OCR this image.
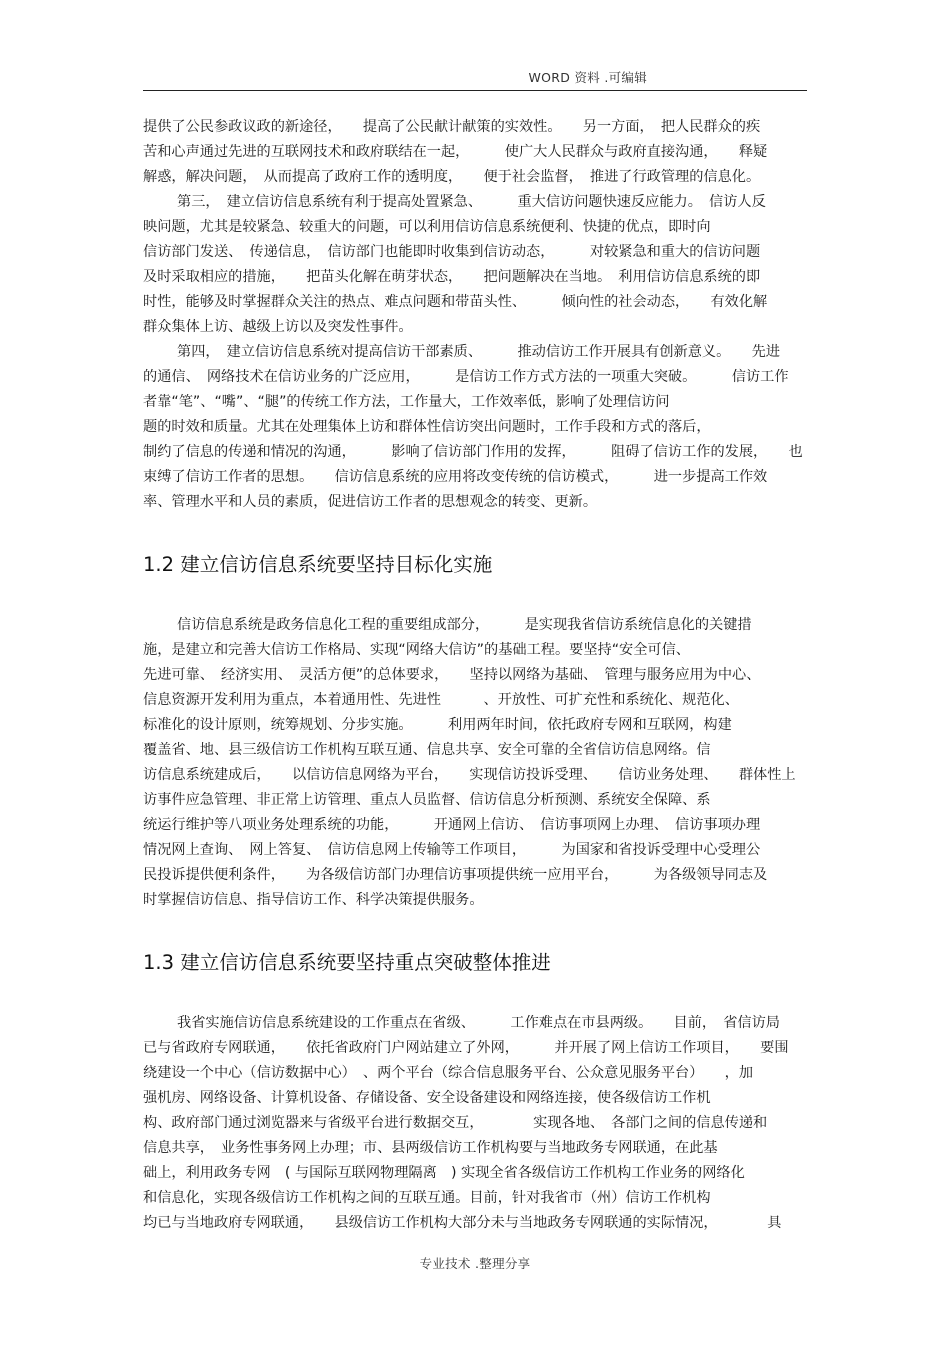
WORD 资料 .可编辑
提供了公民参政议政的新途径，　　提高了公民献计献策的实效性。　　另一方面，　把人民群众的疾
苦和心声通过先进的互联网技术和政府联结在一起，　　　使广大人民群众与政府直接沟通，　　释疑
解惑，解决问题，　从而提高了政府工作的透明度，　　便于社会监督，　推进了行政管理的信息化。
第三，　建立信访信息系统有利于提高处置紧急、　　　重大信访问题快速反应能力。　信访人反
映问题，尤其是较紧急、较重大的问题，可以利用信访信息系统便利、快捷的优点，即时向
信访部门发送、　传递信息，　信访部门也能即时收集到信访动态，　　　对较紧急和重大的信访问题
及时采取相应的措施，　　把苗头化解在萌芽状态，　　把问题解决在当地。　利用信访信息系统的即
时性，能够及时掌握群众关注的热点、难点问题和带苗头性、　　　倾向性的社会动态，　　有效化解
群众集体上访、越级上访以及突发性事件。
第四，　建立信访信息系统对提高信访干部素质、　　　推动信访工作开展具有创新意义。　　先进
的通信、　网络技术在信访业务的广泛应用，　　　是信访工作方式方法的一项重大突破。　　　信访工作
者靠“笔”、“嘴”、“腿”的传统工作方法，工作量大，工作效率低，影响了处理信访问
题的时效和质量。尤其在处理集体上访和群体性信访突出问题时，工作手段和方式的落后，
制约了信息的传递和情况的沟通，　　　影响了信访部门作用的发挥，　　　阻碍了信访工作的发展，　　也
束缚了信访工作者的思想。　　信访信息系统的应用将改变传统的信访模式，　　　进一步提高工作效
率、管理水平和人员的素质，促进信访工作者的思想观念的转变、更新。
1.2 建立信访信息系统要坚持目标化实施
信访信息系统是政务信息化工程的重要组成部分，　　　是实现我省信访系统信息化的关键措
施，是建立和完善大信访工作格局、实现“网络大信访”的基础工程。要坚持“安全可信、
先进可靠、　经济实用、　灵活方便”的总体要求，　　坚持以网络为基础、　管理与服务应用为中心、
信息资源开发利用为重点，本着通用性、先进性　　　、开放性、可扩充性和系统化、规范化、
标准化的设计原则，统筹规划、分步实施。　　　利用两年时间，依托政府专网和互联网，构建
覆盖省、地、县三级信访工作机构互联互通、信息共享、安全可靠的全省信访信息网络。信
访信息系统建成后，　　以信访信息网络为平台，　　实现信访投诉受理、　　信访业务处理、　　群体性上
访事件应急管理、非正常上访管理、重点人员监督、信访信息分析预测、系统安全保障、系
统运行维护等八项业务处理系统的功能，　　　开通网上信访、　信访事项网上办理、　信访事项办理
情况网上查询、　网上答复、　信访信息网上传输等工作项目，　　　为国家和省投诉受理中心受理公
民投诉提供便利条件，　　为各级信访部门办理信访事项提供统一应用平台，　　　为各级领导同志及
时掌握信访信息、指导信访工作、科学决策提供服务。
1.3 建立信访信息系统要坚持重点突破整体推进
我省实施信访信息系统建设的工作重点在省级、　　　工作难点在市县两级。　　目前，　省信访局
已与省政府专网联通，　　依托省政府门户网站建立了外网，　　　并开展了网上信访工作项目，　　要围
绕建设一个中心（信访数据中心）　、两个平台（综合信息服务平台、公众意见服务平台）　　，加
强机房、网络设备、计算机设备、存储设备、安全设备建设和网络连接，使各级信访工作机
构、政府部门通过浏览器来与省级平台进行数据交互，　　　　实现各地、　各部门之间的信息传递和
信息共享，　业务性事务网上办理；市、县两级信访工作机构要与当地政务专网联通，在此基
础上，利用政务专网　( 与国际互联网物理隔离　) 实现全省各级信访工作机构工作业务的网络化
和信息化，实现各级信访工作机构之间的互联互通。目前，针对我省市（州）信访工作机构
均已与当地政府专网联通，　　县级信访工作机构大部分未与当地政务专网联通的实际情况，　　　　具
专业技术 .整理分享
